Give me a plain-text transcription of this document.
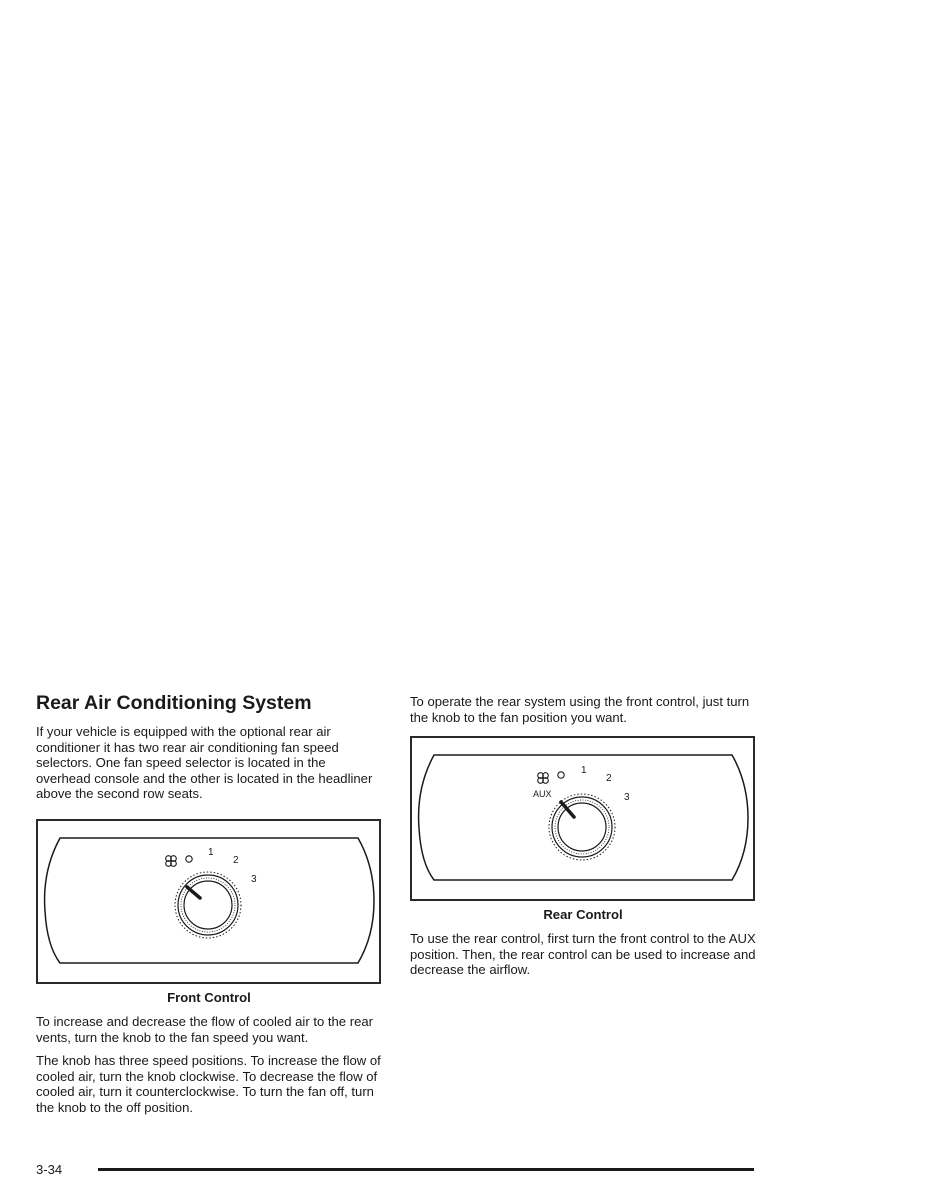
Rear Air Conditioning System

If your vehicle is equipped with the optional rear air conditioner it has two rear air conditioning fan speed selectors. One fan speed selector is located in the overhead console and the other is located in the headliner above the second row seats.

1
2
3
Front Control

To increase and decrease the flow of cooled air to the rear vents, turn the knob to the fan speed you want.

The knob has three speed positions. To increase the flow of cooled air, turn the knob clockwise. To decrease the flow of cooled air, turn it counterclockwise. To turn the fan off, turn the knob to the off position.

To operate the rear system using the front control, just turn the knob to the fan position you want.

AUX
1
2
3
Rear Control

To use the rear control, first turn the front control to the AUX position. Then, the rear control can be used to increase and decrease the airflow.

3-34
